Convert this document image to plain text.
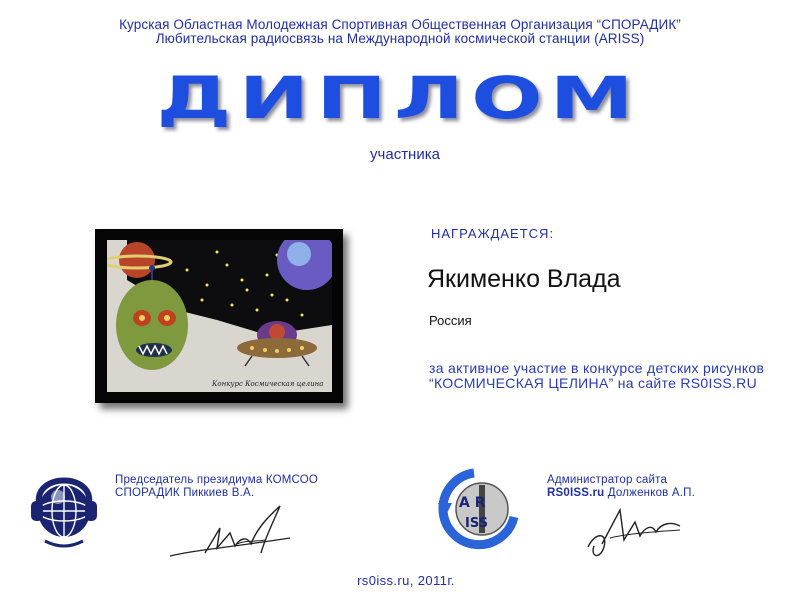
Курская Областная Молодежная Спортивная Общественная Организация “СПОРАДИК”
Любительская радиосвязь на Международной космической станции (ARISS)
ДИПЛОМ
участника
Конкурс Космическая целина
НАГРАЖДАЕТСЯ:
Якименко Влада
Россия
за активное участие в конкурсе детских рисунков “КОСМИЧЕСКАЯ ЦЕЛИНА” на сайте RS0ISS.RU
Председатель президиума КОМСОО
СПОРАДИК Пиккиев В.А.
A R
ISS
Администратор сайта
RS0ISS.ru Долженков А.П.
rs0iss.ru, 2011г.
